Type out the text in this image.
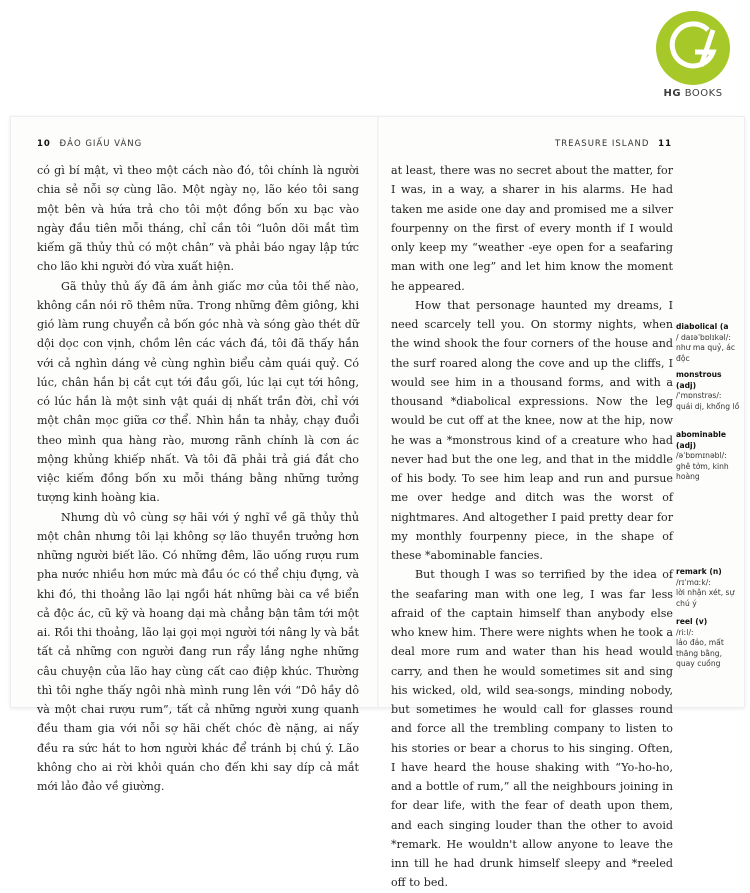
HG BOOKS
10 ĐẢO GIẤU VÀNG	TREASURE ISLAND 11

có gì bí mật, vì theo một cách nào đó, tôi chính là người chia sẻ nỗi sợ cùng lão. Một ngày nọ, lão kéo tôi sang một bên và hứa trả cho tôi một đồng bốn xu bạc vào ngày đầu tiên mỗi tháng, chỉ cần tôi “luôn dõi mắt tìm kiếm gã thủy thủ có một chân” và phải báo ngay lập tức cho lão khi người đó vừa xuất hiện.

Gã thủy thủ ấy đã ám ảnh giấc mơ của tôi thế nào, không cần nói rõ thêm nữa. Trong những đêm giông, khi gió làm rung chuyển cả bốn góc nhà và sóng gào thét dữ dội dọc con vịnh, chồm lên các vách đá, tôi đã thấy hắn với cả nghìn dáng vẻ cùng nghìn biểu cảm quái quỷ. Có lúc, chân hắn bị cắt cụt tới đầu gối, lúc lại cụt tới hông, có lúc hắn là một sinh vật quái dị nhất trần đời, chỉ với một chân mọc giữa cơ thể. Nhìn hắn ta nhảy, chạy đuổi theo mình qua hàng rào, mương rãnh chính là cơn ác mộng khủng khiếp nhất. Và tôi đã phải trả giá đắt cho việc kiếm đồng bốn xu mỗi tháng bằng những tưởng tượng kinh hoàng kia.

Nhưng dù vô cùng sợ hãi với ý nghĩ về gã thủy thủ một chân nhưng tôi lại không sợ lão thuyền trưởng hơn những người biết lão. Có những đêm, lão uống rượu rum pha nước nhiều hơn mức mà đầu óc có thể chịu đựng, và khi đó, thi thoảng lão lại ngồi hát những bài ca về biển cả độc ác, cũ kỹ và hoang dại mà chẳng bận tâm tới một ai. Rồi thi thoảng, lão lại gọi mọi người tới nâng ly và bắt tất cả những con người đang run rẩy lắng nghe những câu chuyện của lão hay cùng cất cao điệp khúc. Thường thì tôi nghe thấy ngôi nhà mình rung lên với “Dô hầy dô và một chai rượu rum”, tất cả những người xung quanh đều tham gia với nỗi sợ hãi chết chóc đè nặng, ai nấy đều ra sức hát to hơn người khác để tránh bị chú ý. Lão không cho ai rời khỏi quán cho đến khi say díp cả mắt mới lảo đảo về giường.

at least, there was no secret about the matter, for I was, in a way, a sharer in his alarms. He had taken me aside one day and promised me a silver fourpenny on the first of every month if I would only keep my “weather -eye open for a seafaring man with one leg” and let him know the moment he appeared.

How that personage haunted my dreams, I need scarcely tell you. On stormy nights, when the wind shook the four corners of the house and the surf roared along the cove and up the cliffs, I would see him in a thousand forms, and with a thousand *diabolical expressions. Now the leg would be cut off at the knee, now at the hip, now he was a *monstrous kind of a creature who had never had but the one leg, and that in the middle of his body. To see him leap and run and pursue me over hedge and ditch was the worst of nightmares. And altogether I paid pretty dear for my monthly fourpenny piece, in the shape of these *abominable fancies.

But though I was so terrified by the idea of the seafaring man with one leg, I was far less afraid of the captain himself than anybody else who knew him. There were nights when he took a deal more rum and water than his head would carry, and then he would sometimes sit and sing his wicked, old, wild sea-songs, minding nobody, but sometimes he would call for glasses round and force all the trembling company to listen to his stories or bear a chorus to his singing. Often, I have heard the house shaking with “Yo-ho-ho, and a bottle of rum,” all the neighbours joining in for dear life, with the fear of death upon them, and each singing louder than the other to avoid *remark. He wouldn't allow anyone to leave the inn till he had drunk himself sleepy and *reeled off to bed.

diabolical (a
/ daɪəˈbɒlɪkəl/:
như ma quỷ, ác độc
monstrous (adj)
/ˈmɒnstrəs/:
quái dị, khổng lồ
abominable (adj)
/əˈbɒmɪnəbl/:
ghê tởm, kinh hoàng
remark (n)
/rɪˈmɑːk/:
lời nhận xét, sự chú ý
reel (v)
/riːl/:
lảo đảo, mất thăng bằng, quay cuồng
